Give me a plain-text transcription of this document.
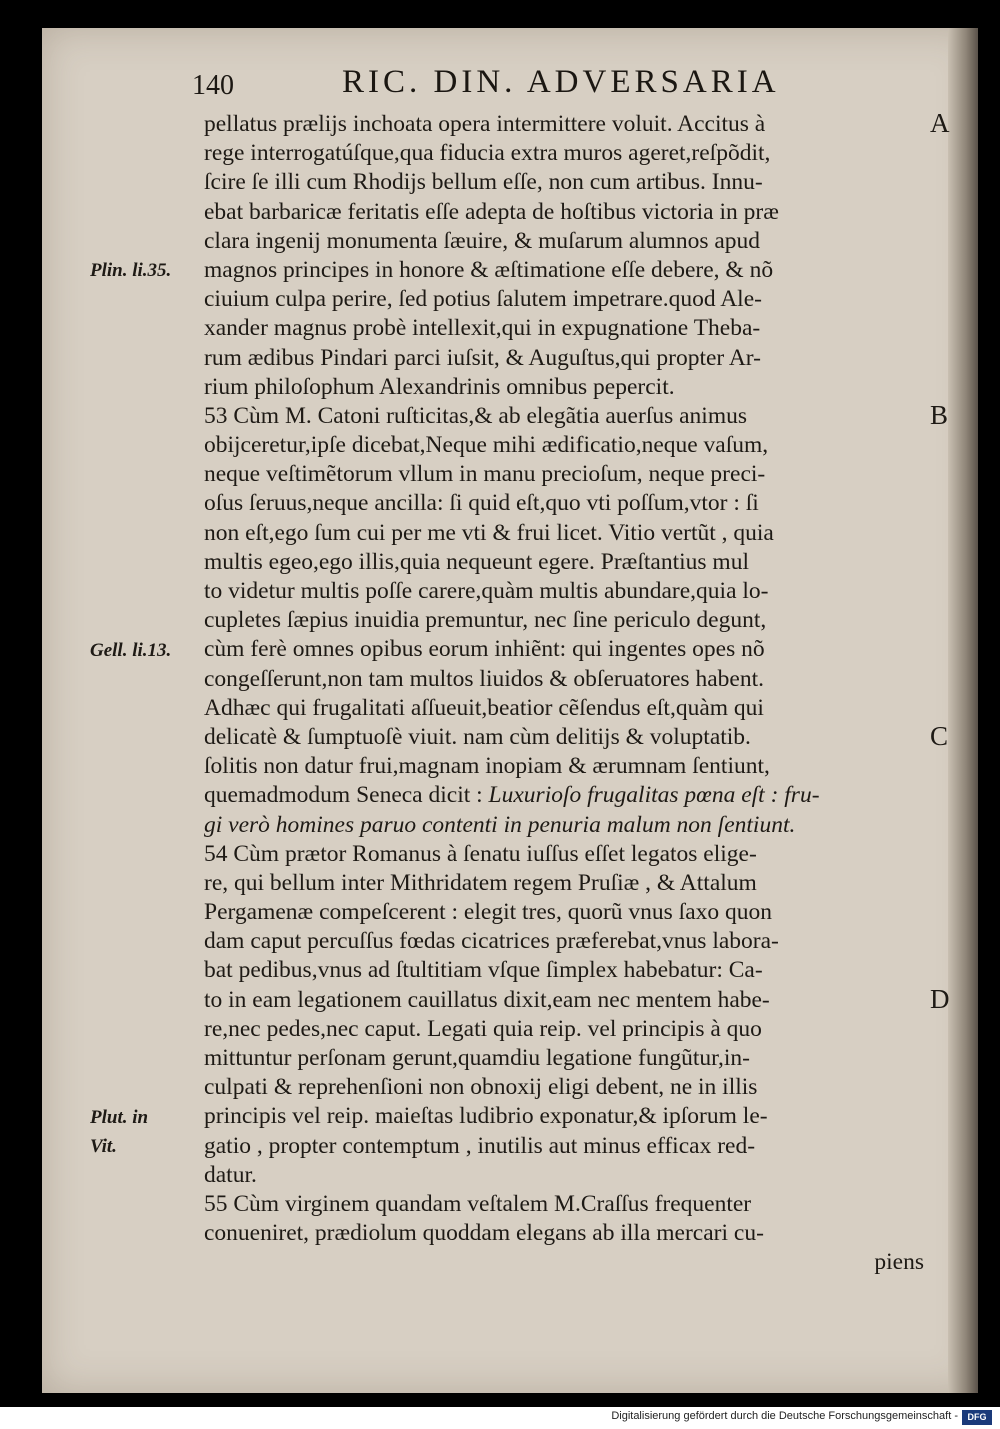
140	RIC. DIN. ADVERSARIA
pellatus prælijs inchoata opera intermittere voluit. Accitus à
rege interrogatúſque,qua fiducia extra muros ageret,reſpõdit,
ſcire ſe illi cum Rhodijs bellum eſſe, non cum artibus. Innu-
ebat barbaricæ feritatis eſſe adepta de hoſtibus victoria in præ
clara ingenij monumenta ſæuire, & muſarum alumnos apud
magnos principes in honore & æſtimatione eſſe debere, & nõ
ciuium culpa perire, ſed potius ſalutem impetrare.quod Ale-
xander magnus probè intellexit,qui in expugnatione Theba-
rum ædibus Pindari parci iuſsit, & Auguſtus,qui propter Ar-
rium philoſophum Alexandrinis omnibus pepercit.
53 Cùm M. Catoni ruſticitas,& ab elegãtia auerſus animus
obijceretur,ipſe dicebat,Neque mihi ædificatio,neque vaſum,
neque veſtimẽtorum vllum in manu precioſum, neque preci-
oſus ſeruus,neque ancilla: ſi quid eſt,quo vti poſſum,vtor : ſi
non eſt,ego ſum cui per me vti & frui licet. Vitio vertũt , quia
multis egeo,ego illis,quia nequeunt egere. Præſtantius mul
to videtur multis poſſe carere,quàm multis abundare,quia lo-
cupletes ſæpius inuidia premuntur, nec ſine periculo degunt,
cùm ferè omnes opibus eorum inhiẽnt: qui ingentes opes nõ
congeſſerunt,non tam multos liuidos & obſeruatores habent.
Adhæc qui frugalitati aſſueuit,beatior cẽſendus eſt,quàm qui
delicatè & ſumptuoſè viuit. nam cùm delitijs & voluptatib.
ſolitis non datur frui,magnam inopiam & ærumnam ſentiunt,
quemadmodum Seneca dicit : Luxurioſo frugalitas pœna eſt : fru-
gi verò homines paruo contenti in penuria malum non ſentiunt.
54 Cùm prætor Romanus à ſenatu iuſſus eſſet legatos elige-
re, qui bellum inter Mithridatem regem Pruſiæ , & Attalum
Pergamenæ compeſcerent : elegit tres, quorũ vnus ſaxo quon
dam caput percuſſus fœdas cicatrices præferebat,vnus labora-
bat pedibus,vnus ad ſtultitiam vſque ſimplex habebatur: Ca-
to in eam legationem cauillatus dixit,eam nec mentem habe-
re,nec pedes,nec caput. Legati quia reip. vel principis à quo
mittuntur perſonam gerunt,quamdiu legatione fungũtur,in-
culpati & reprehenſioni non obnoxij eligi debent, ne in illis
principis vel reip. maieſtas ludibrio exponatur,& ipſorum le-
gatio , propter contemptum , inutilis aut minus efficax red-
datur.
55 Cùm virginem quandam veſtalem M.Craſſus frequenter
conueniret, prædiolum quoddam elegans ab illa mercari cu-
piens
Plin. li.35.
Gell. li.13.
Plut. in
Vit.
A
B
C
D
Digitalisierung gefördert durch die Deutsche Forschungsgemeinschaft -	DFG
